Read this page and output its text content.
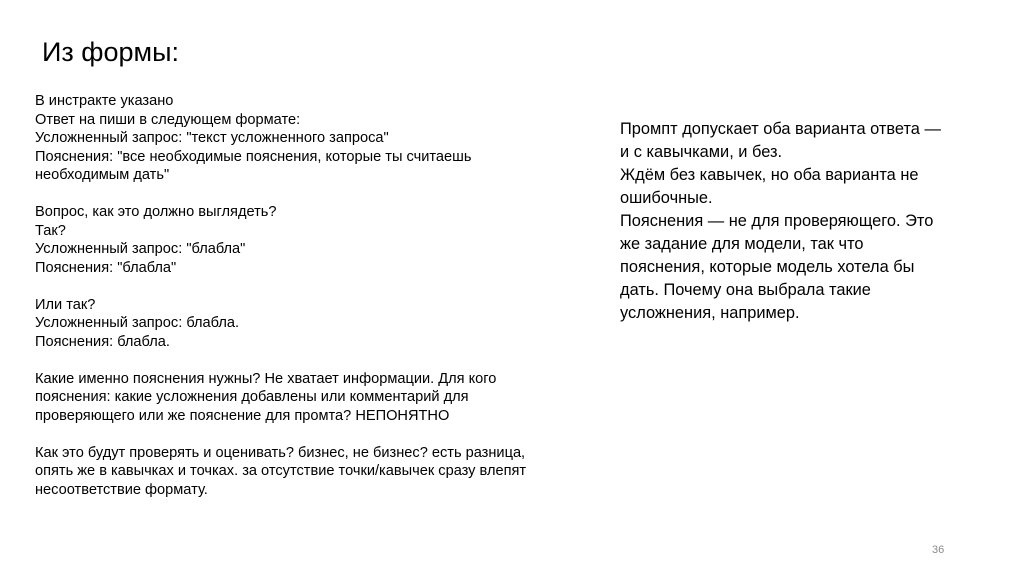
Из формы:
В инстракте указано
Ответ на пиши в следующем формате:
Усложненный запрос: "текст усложненного запроса"
Пояснения: "все необходимые пояснения, которые ты считаешь
необходимым дать"
Вопрос, как это должно выглядеть?
Так?
Усложненный запрос: "блабла"
Пояснения: "блабла"
Или так?
Усложненный запрос: блабла.
Пояснения: блабла.
Какие именно пояснения нужны? Не хватает информации. Для кого
пояснения: какие усложнения добавлены или комментарий для
проверяющего или же пояснение для промта? НЕПОНЯТНО
Как это будут проверять и оценивать? бизнес, не бизнес? есть разница,
опять же в кавычках и точках. за отсутствие точки/кавычек сразу влепят
несоответствие формату.
Промпт допускает оба варианта ответа —
и с кавычками, и без.
Ждём без кавычек, но оба варианта не
ошибочные.
Пояснения — не для проверяющего. Это
же задание для модели, так что
пояснения, которые модель хотела бы
дать. Почему она выбрала такие
усложнения, например.
36
